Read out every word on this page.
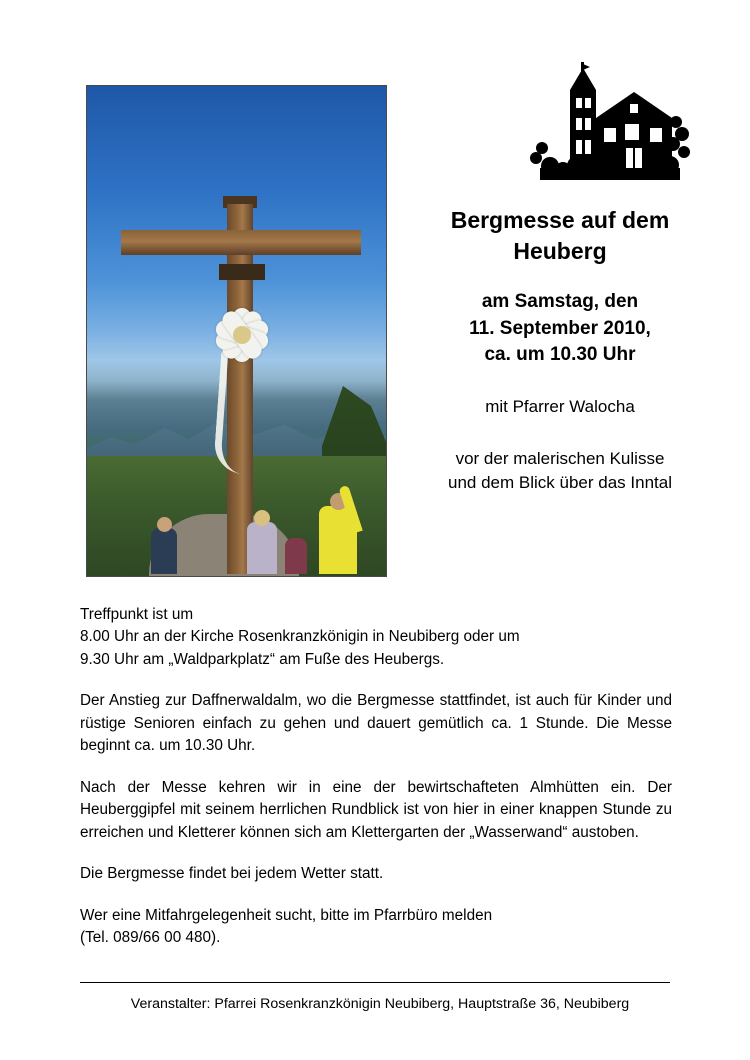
Bergmesse auf dem
Heuberg
am Samstag, den
11. September 2010,
ca. um 10.30 Uhr
mit Pfarrer Walocha
vor der malerischen Kulisse
und dem Blick über das Inntal

Treffpunkt ist um
8.00 Uhr an der Kirche Rosenkranzkönigin in Neubiberg oder um
9.30 Uhr am „Waldparkplatz“ am Fuße des Heubergs.

Der Anstieg zur Daffnerwaldalm, wo die Bergmesse stattfindet, ist auch für Kinder und rüstige Senioren einfach zu gehen und dauert gemütlich ca. 1 Stunde. Die Messe beginnt ca. um 10.30 Uhr.

Nach der Messe kehren wir in eine der bewirtschafteten Almhütten ein. Der Heuberggipfel mit seinem herrlichen Rundblick ist von hier in einer knappen Stunde zu erreichen und Kletterer können sich am Klettergarten der „Wasserwand“ austoben.

Die Bergmesse findet bei jedem Wetter statt.

Wer eine Mitfahrgelegenheit sucht, bitte im Pfarrbüro melden
(Tel. 089/66 00 480).

Veranstalter: Pfarrei Rosenkranzkönigin Neubiberg, Hauptstraße 36, Neubiberg
